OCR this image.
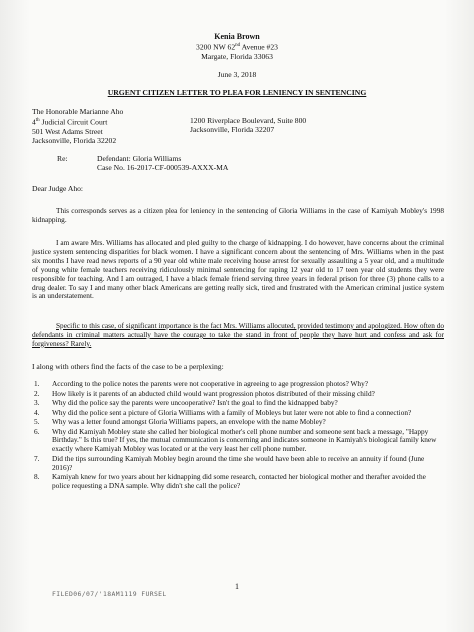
Kenia Brown
3200 NW 62nd Avenue #23
Margate, Florida 33063
June 3, 2018
URGENT CITIZEN LETTER TO PLEA FOR LENIENCY IN SENTENCING
The Honorable Marianne Aho
4th Judicial Circuit Court
501 West Adams Street
Jacksonville, Florida 32202
1200 Riverplace Boulevard, Suite 800
Jacksonville, Florida 32207
Re:	Defendant: Gloria Williams
Case No. 16-2017-CF-000539-AXXX-MA
Dear Judge Aho:
This corresponds serves as a citizen plea for leniency in the sentencing of Gloria Williams in the case of Kamiyah Mobley's 1998 kidnapping.
I am aware Mrs. Williams has allocated and pled guilty to the charge of kidnapping. I do however, have concerns about the criminal justice system sentencing disparities for black women. I have a significant concern about the sentencing of Mrs. Williams when in the past six months I have read news reports of a 90 year old white male receiving house arrest for sexually assaulting a 5 year old, and a multitude of young white female teachers receiving ridiculously minimal sentencing for raping 12 year old to 17 teen year old students they were responsible for teaching. And I am outraged, I have a black female friend serving three years in federal prison for three (3) phone calls to a drug dealer. To say I and many other black Americans are getting really sick, tired and frustrated with the American criminal justice system is an understatement.
Specific to this case, of significant importance is the fact Mrs. Williams allocuted, provided testimony and apologized. How often do defendants in criminal matters actually have the courage to take the stand in front of people they have hurt and confess and ask for forgiveness? Rarely.
I along with others find the facts of the case to be a perplexing:
1.	According to the police notes the parents were not cooperative in agreeing to age progression photos? Why?
2.	How likely is it parents of an abducted child would want progression photos distributed of their missing child?
3.	Why did the police say the parents were uncooperative? Isn't the goal to find the kidnapped baby?
4.	Why did the police sent a picture of Gloria Williams with a family of Mobleys but later were not able to find a connection?
5.	Why was a letter found amongst Gloria Williams papers, an envelope with the name Mobley?
6.	Why did Kamiyah Mobley state she called her biological mother's cell phone number and someone sent back a message, "Happy Birthday." Is this true? If yes, the mutual communication is concerning and indicates someone in Kamiyah's biological family knew exactly where Kamiyah Mobley was located or at the very least her cell phone number.
7.	Did the tips surrounding Kamiyah Mobley begin around the time she would have been able to receive an annuity if found (June 2016)?
8.	Kamiyah knew for two years about her kidnapping did some research, contacted her biological mother and therafter avoided the police requesting a DNA sample. Why didn't she call the police?
1
FILED06/07/'18AM1119 FURSEL
